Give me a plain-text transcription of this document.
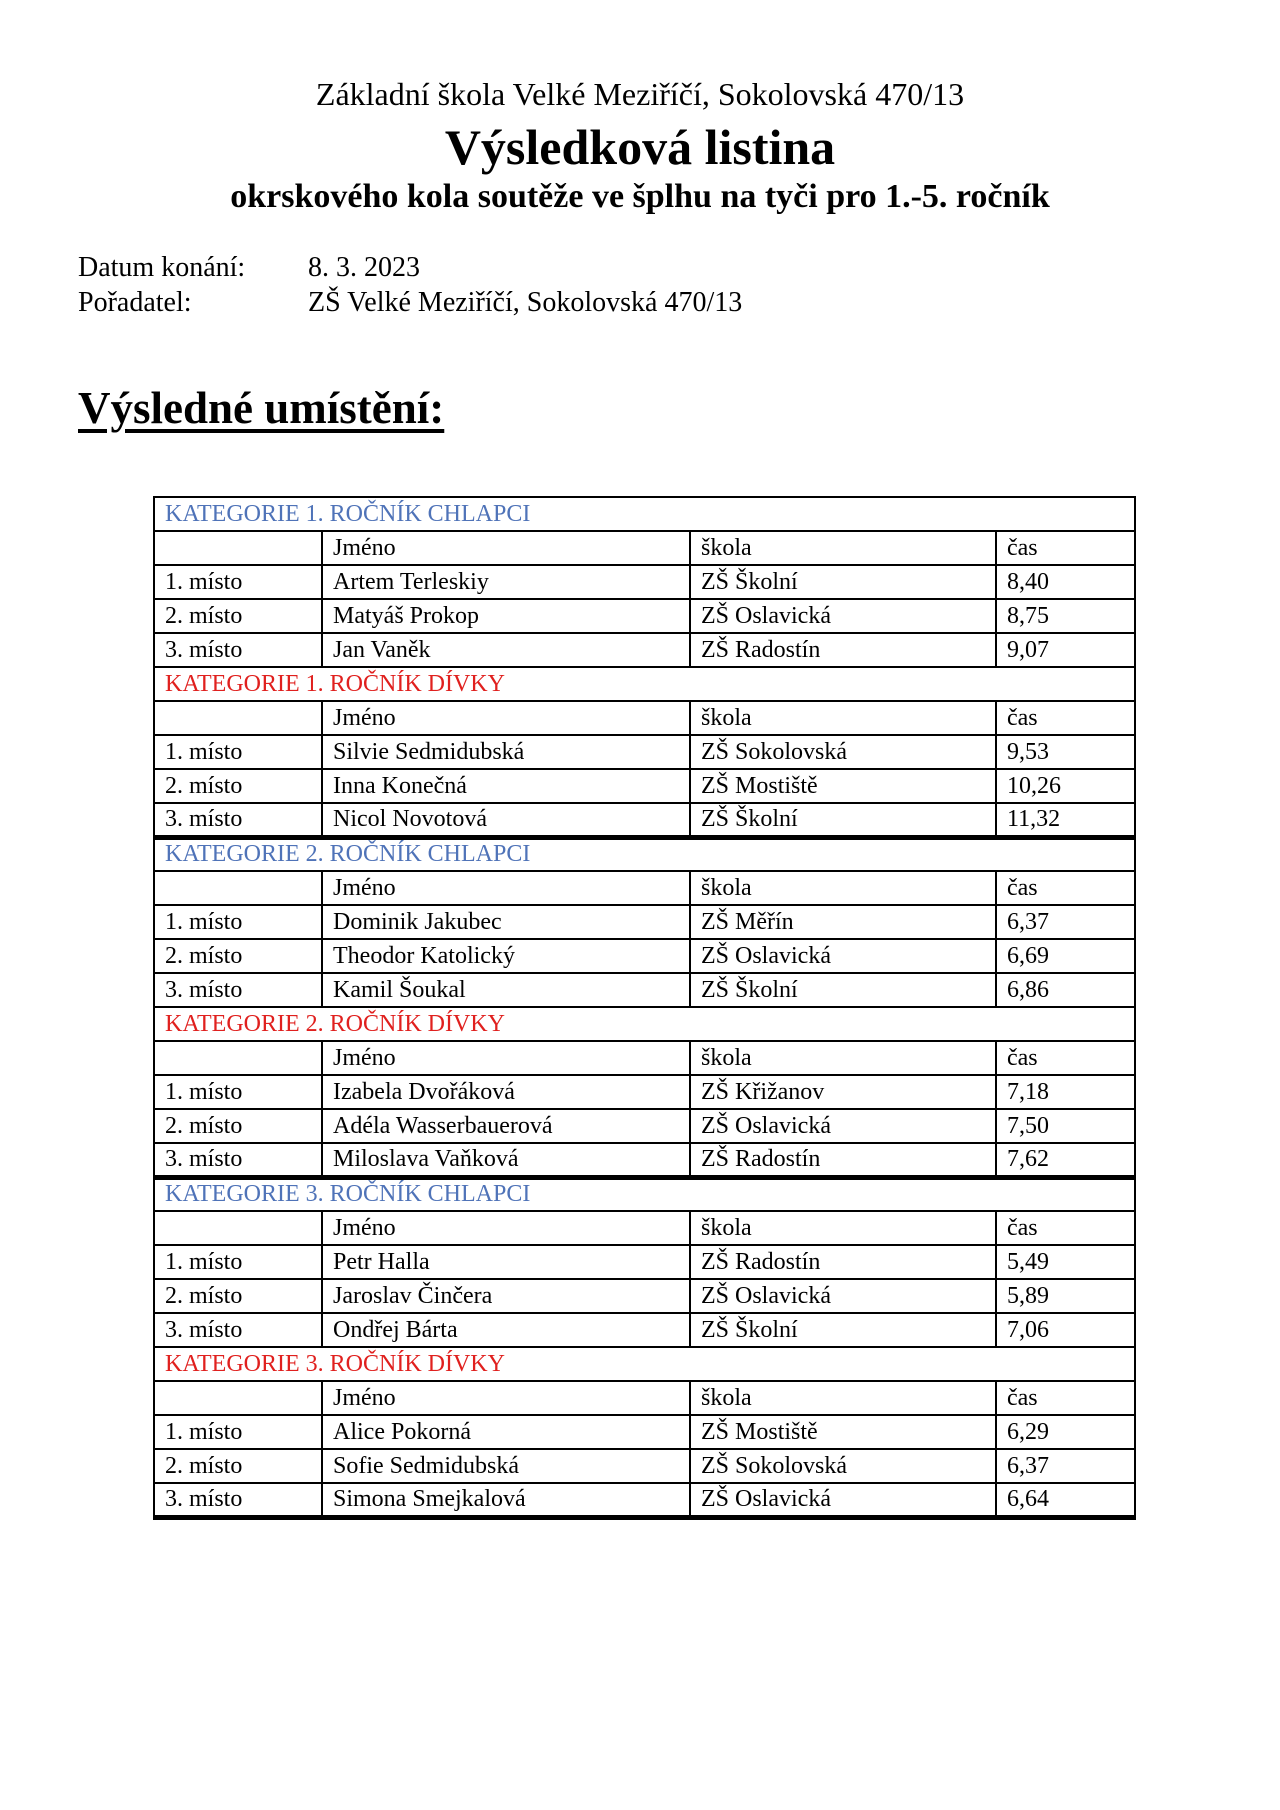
Základní škola Velké Meziříčí, Sokolovská 470/13
Výsledková listina
okrskového kola soutěže ve šplhu na tyči pro 1.-5. ročník
Datum konání: 8. 3. 2023
Pořadatel:	ZŠ Velké Meziříčí, Sokolovská 470/13
Výsledné umístění:
KATEGORIE 1. ROČNÍK CHLAPCI			
	Jméno	škola	čas
1. místo	Artem Terleskiy	ZŠ Školní	8,40
2. místo	Matyáš Prokop	ZŠ Oslavická	8,75
3. místo	Jan Vaněk	ZŠ Radostín	9,07
KATEGORIE 1. ROČNÍK DÍVKY			
	Jméno	škola	čas
1. místo	Silvie Sedmidubská	ZŠ Sokolovská	9,53
2. místo	Inna Konečná	ZŠ Mostiště	10,26
3. místo	Nicol Novotová	ZŠ Školní	11,32
KATEGORIE 2. ROČNÍK CHLAPCI			
	Jméno	škola	čas
1. místo	Dominik Jakubec	ZŠ Měřín	6,37
2. místo	Theodor Katolický	ZŠ Oslavická	6,69
3. místo	Kamil Šoukal	ZŠ Školní	6,86
KATEGORIE 2. ROČNÍK DÍVKY			
	Jméno	škola	čas
1. místo	Izabela Dvořáková	ZŠ Křižanov	7,18
2. místo	Adéla Wasserbauerová	ZŠ Oslavická	7,50
3. místo	Miloslava Vaňková	ZŠ Radostín	7,62
KATEGORIE 3. ROČNÍK CHLAPCI			
	Jméno	škola	čas
1. místo	Petr Halla	ZŠ Radostín	5,49
2. místo	Jaroslav Činčera	ZŠ Oslavická	5,89
3. místo	Ondřej Bárta	ZŠ Školní	7,06
KATEGORIE 3. ROČNÍK DÍVKY			
	Jméno	škola	čas
1. místo	Alice Pokorná	ZŠ Mostiště	6,29
2. místo	Sofie Sedmidubská	ZŠ Sokolovská	6,37
3. místo	Simona Smejkalová	ZŠ Oslavická	6,64
